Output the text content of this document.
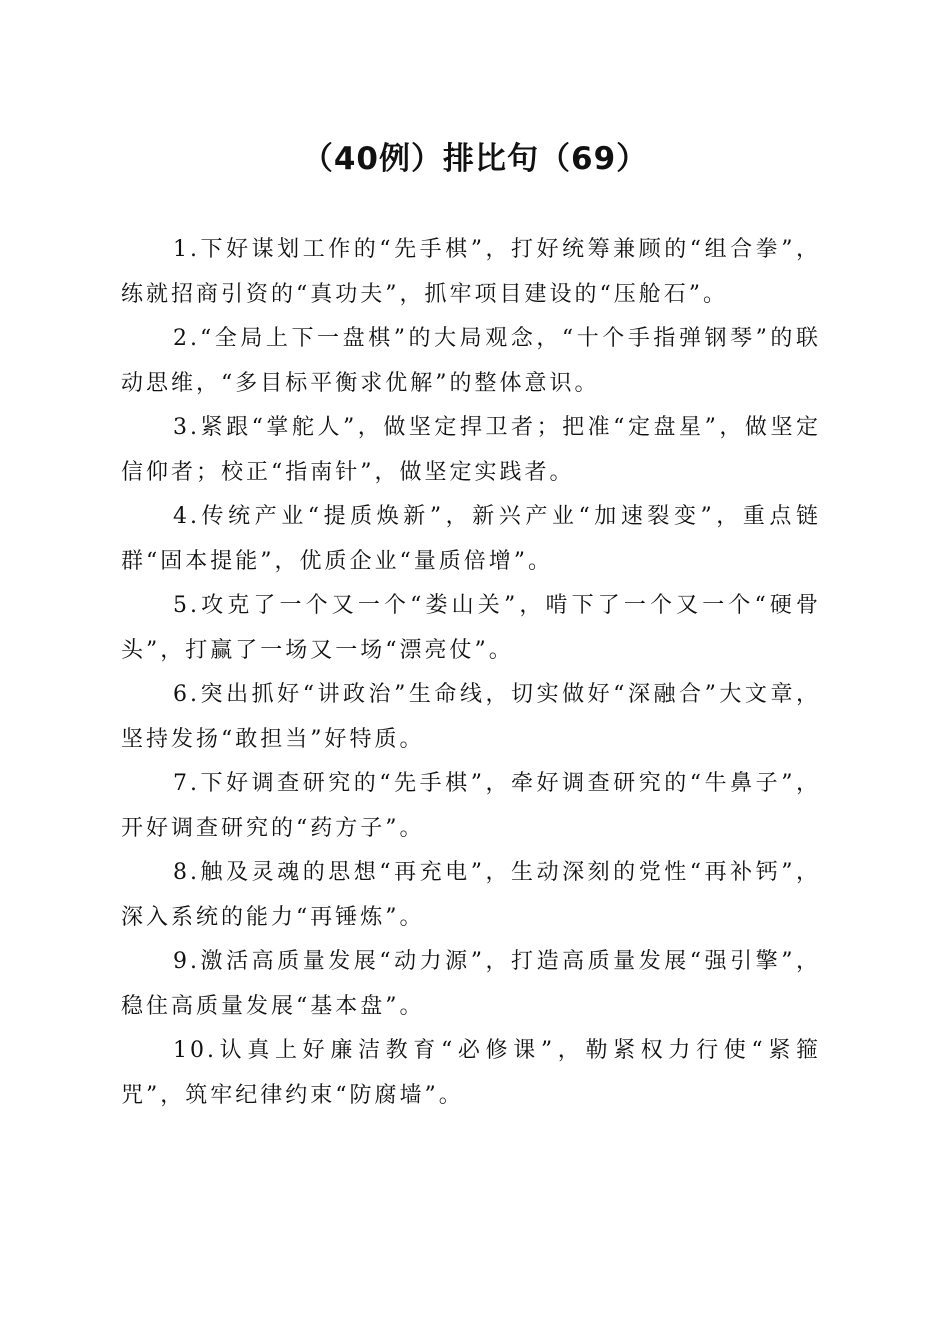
（40例）排比句（69）

1.下好谋划工作的“先手棋”，打好统筹兼顾的“组合拳”，练就招商引资的“真功夫”，抓牢项目建设的“压舱石”。

2.“全局上下一盘棋”的大局观念，“十个手指弹钢琴”的联动思维，“多目标平衡求优解”的整体意识。

3.紧跟“掌舵人”，做坚定捍卫者；把准“定盘星”，做坚定信仰者；校正“指南针”，做坚定实践者。

4.传统产业“提质焕新”，新兴产业“加速裂变”，重点链群“固本提能”，优质企业“量质倍增”。

5.攻克了一个又一个“娄山关”，啃下了一个又一个“硬骨头”，打赢了一场又一场“漂亮仗”。

6.突出抓好“讲政治”生命线，切实做好“深融合”大文章，坚持发扬“敢担当”好特质。

7.下好调查研究的“先手棋”，牵好调查研究的“牛鼻子”，开好调查研究的“药方子”。

8.触及灵魂的思想“再充电”，生动深刻的党性“再补钙”，深入系统的能力“再锤炼”。

9.激活高质量发展“动力源”，打造高质量发展“强引擎”，稳住高质量发展“基本盘”。

10.认真上好廉洁教育“必修课”，勒紧权力行使“紧箍咒”，筑牢纪律约束“防腐墙”。
